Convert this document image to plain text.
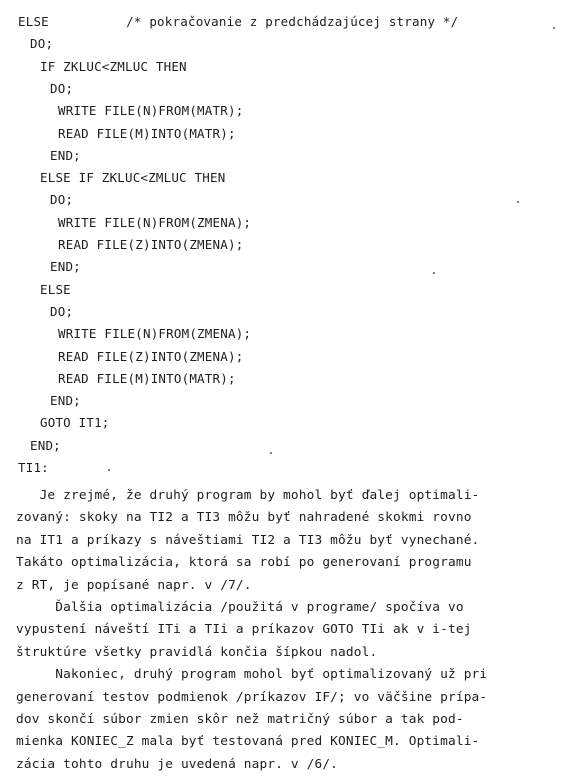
ELSE          /* pokračovanie z predchádzajúcej strany */
DO;
IF ZKLUC<ZMLUC THEN
DO;
WRITE FILE(N)FROM(MATR);
READ FILE(M)INTO(MATR);
END;
ELSE IF ZKLUC<ZMLUC THEN
DO;
WRITE FILE(N)FROM(ZMENA);
READ FILE(Z)INTO(ZMENA);
END;
ELSE
DO;
WRITE FILE(N)FROM(ZMENA);
READ FILE(Z)INTO(ZMENA);
READ FILE(M)INTO(MATR);
END;
GOTO IT1;
END;
TI1:
Je zrejmé, že druhý program by mohol byť ďalej optimali-
zovaný: skoky na TI2 a TI3 môžu byť nahradené skokmi rovno
na IT1 a príkazy s náveštiami TI2 a TI3 môžu byť vynechané.
Takáto optimalizácia, ktorá sa robí po generovaní programu
z RT, je popísané napr. v /7/.
Ďalšia optimalizácia /použitá v programe/ spočíva vo
vypustení náveští ITi a TIi a príkazov GOTO TIi ak v i-tej
štruktúre všetky pravidlá končia šípkou nadol.
Nakoniec, druhý program mohol byť optimalizovaný už pri
generovaní testov podmienok /príkazov IF/; vo väčšine prípa-
dov skončí súbor zmien skôr než matričný súbor a tak pod-
mienka KONIEC_Z mala byť testovaná pred KONIEC_M. Optimali-
zácia tohto druhu je uvedená napr. v /6/.
